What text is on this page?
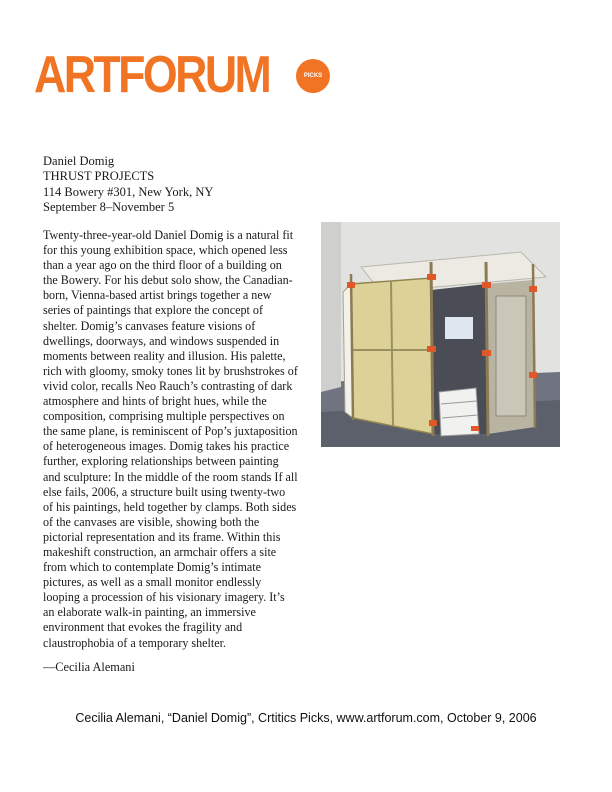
ARTFORUM	PICKS
Daniel Domig
THRUST PROJECTS
114 Bowery #301, New York, NY
September 8–November 5

Twenty-three-year-old Daniel Domig is a natural fit for this young exhibition space, which opened less than a year ago on the third floor of a building on the Bowery. For his debut solo show, the Canadian-born, Vienna-based artist brings together a new series of paintings that explore the concept of shelter. Domig’s canvases feature visions of dwellings, doorways, and windows suspended in moments between reality and illusion. His palette, rich with gloomy, smoky tones lit by brushstrokes of vivid color, recalls Neo Rauch’s contrasting of dark atmosphere and hints of bright hues, while the composition, comprising multiple perspectives on the same plane, is reminiscent of Pop’s juxtaposition of heterogeneous images. Domig takes his practice further, exploring relationships between painting and sculpture: In the middle of the room stands If all else fails, 2006, a structure built using twenty-two of his paintings, held together by clamps. Both sides of the canvases are visible, showing both the pictorial representation and its frame. Within this makeshift construction, an armchair offers a site from which to contemplate Domig’s intimate pictures, as well as a small monitor endlessly looping a procession of his visionary imagery. It’s an elaborate walk-in painting, an immersive environment that evokes the fragility and claustrophobia of a temporary shelter.

—Cecilia Alemani
Cecilia Alemani, “Daniel Domig”, Crtitics Picks, www.artforum.com, October 9, 2006
